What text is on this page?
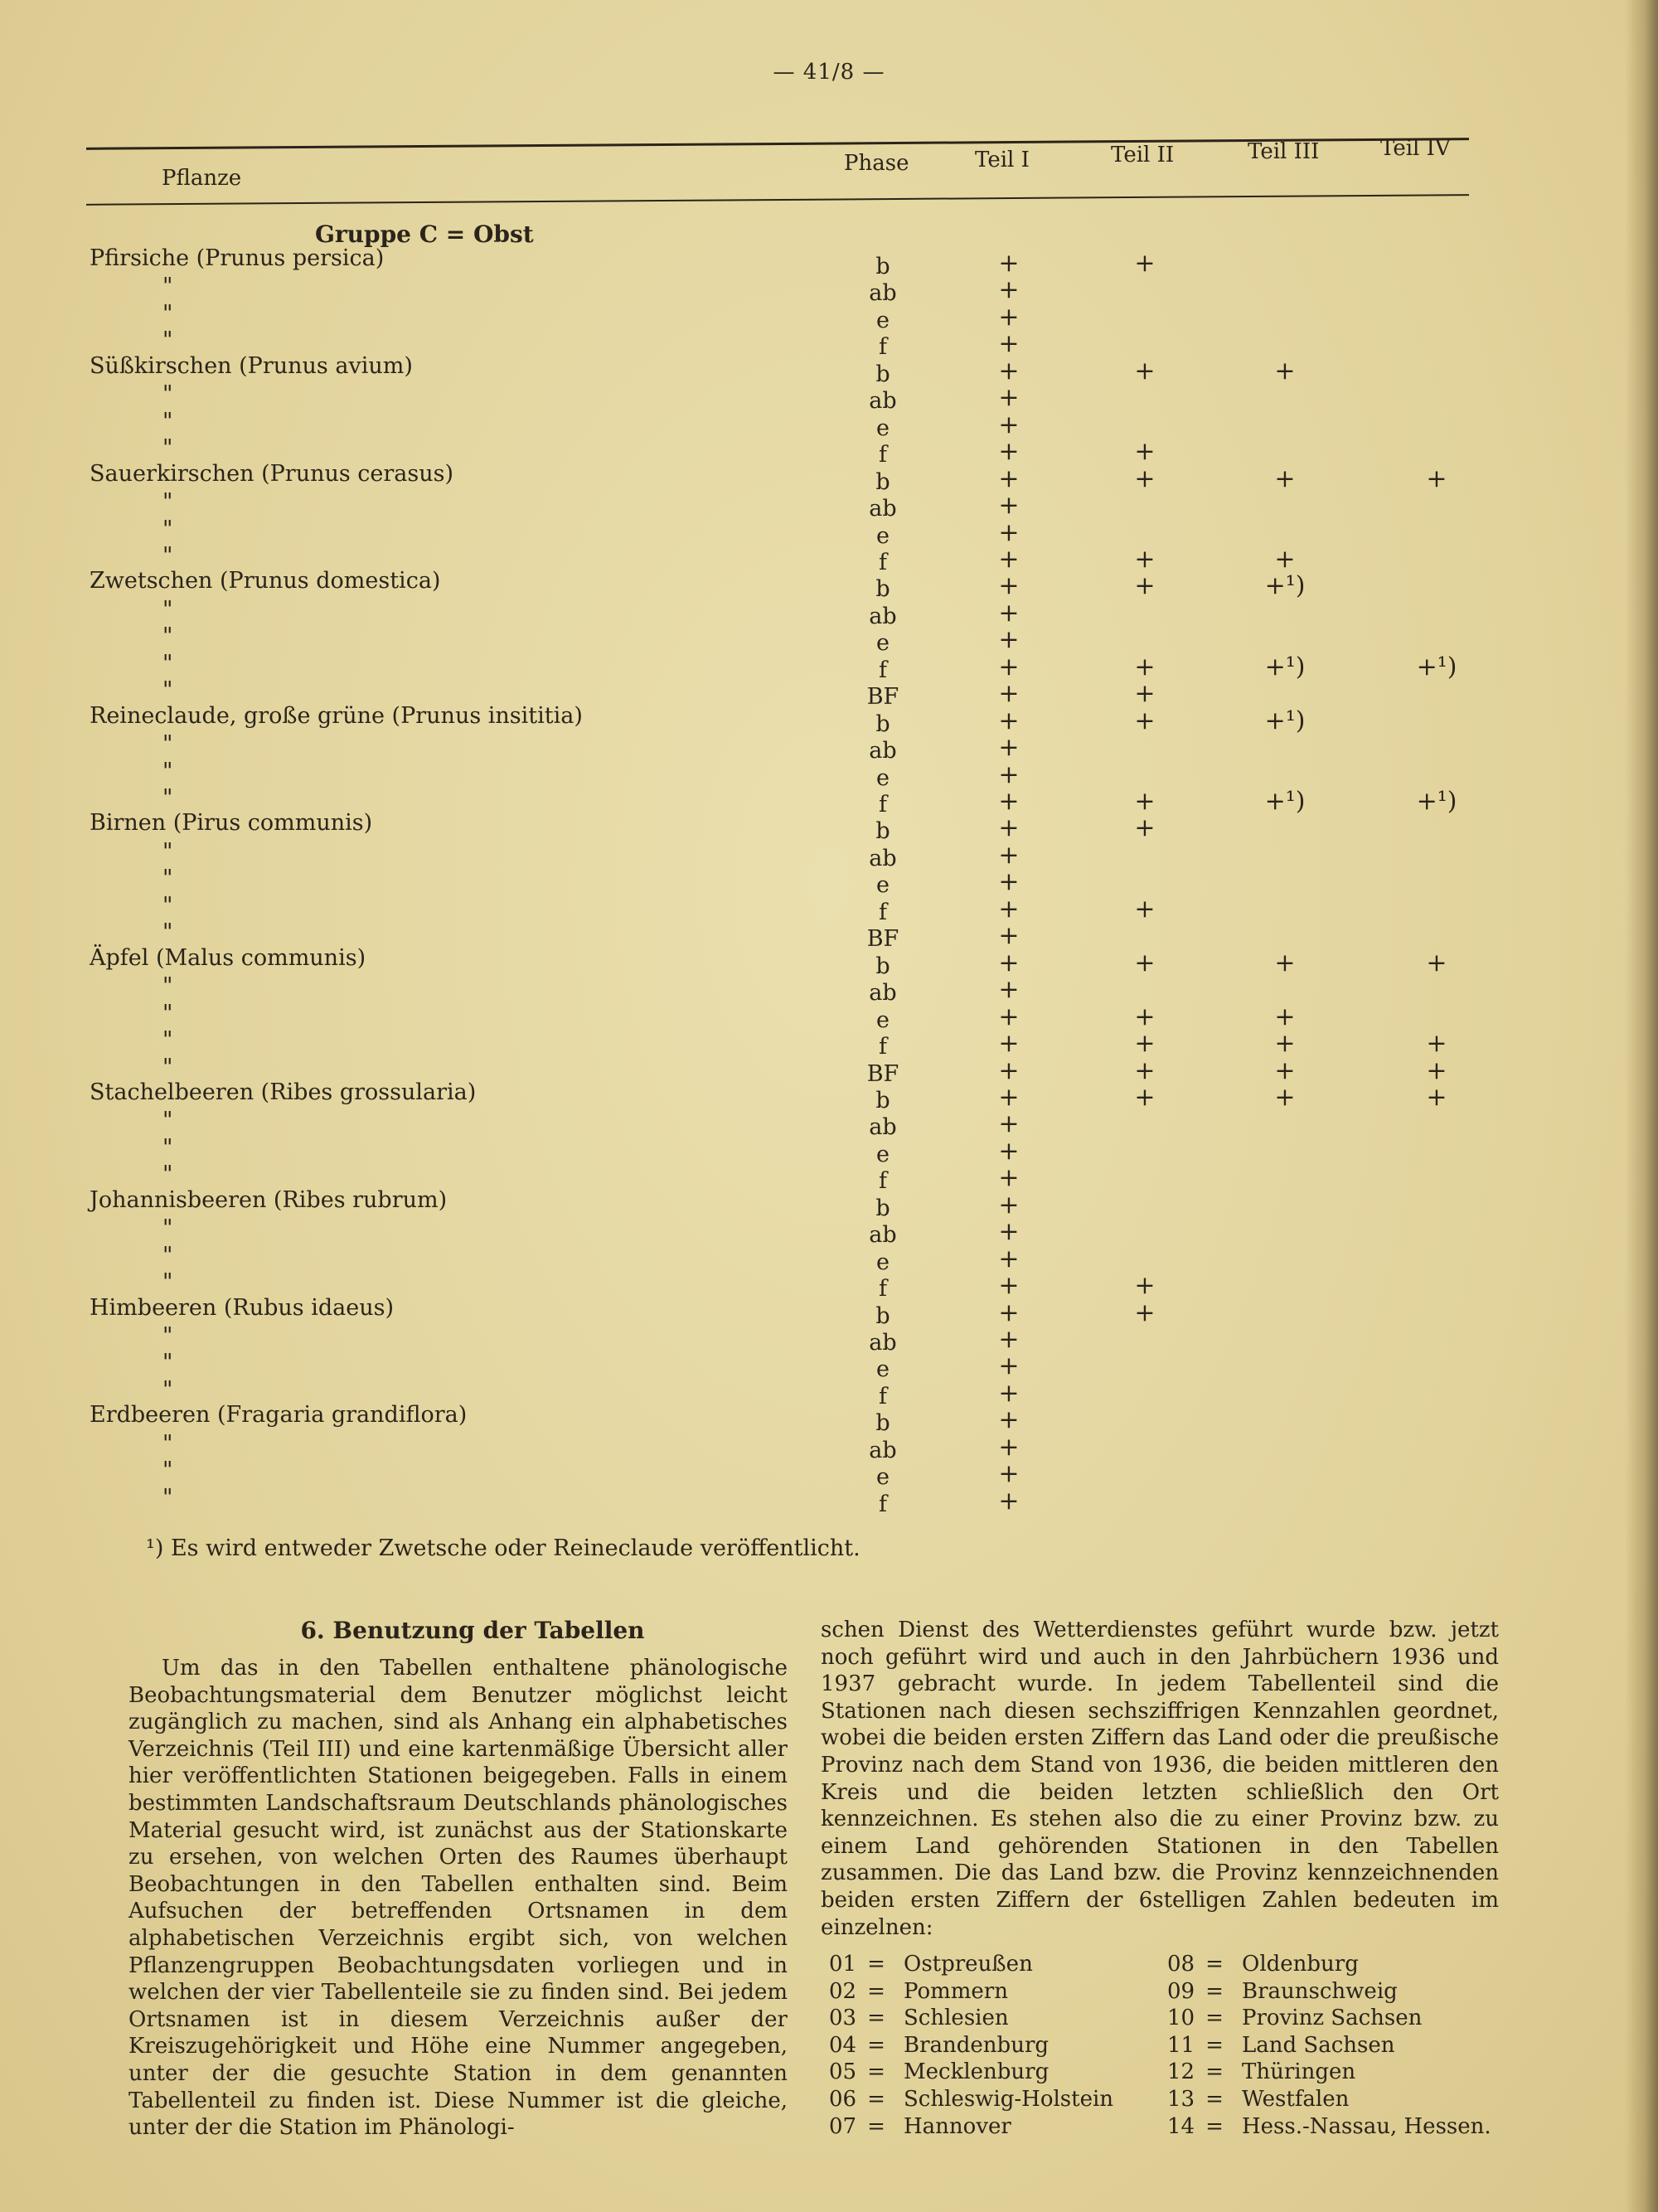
— 41/8 —
Pflanze
Phase	Teil I	Teil II	Teil III	Teil IV
Gruppe C = Obst
Pfirsiche (Prunus persica)	b	+	+
"	ab	+
"	e	+
"	f	+
Süßkirschen (Prunus avium)	b	+	+	+
"	ab	+
"	e	+
"	f	+	+
Sauerkirschen (Prunus cerasus)	b	+	+	+	+
"	ab	+
"	e	+
"	f	+	+	+
Zwetschen (Prunus domestica)	b	+	+	+¹)
"	ab	+
"	e	+
"	f	+	+	+¹)	+¹)
"	BF	+	+
Reineclaude, große grüne (Prunus insititia)	b	+	+	+¹)
"	ab	+
"	e	+
"	f	+	+	+¹)	+¹)
Birnen (Pirus communis)	b	+	+
"	ab	+
"	e	+
"	f	+	+
"	BF	+
Äpfel (Malus communis)	b	+	+	+	+
"	ab	+
"	e	+	+	+
"	f	+	+	+	+
"	BF	+	+	+	+
Stachelbeeren (Ribes grossularia)	b	+	+	+	+
"	ab	+
"	e	+
"	f	+
Johannisbeeren (Ribes rubrum)	b	+
"	ab	+
"	e	+
"	f	+	+
Himbeeren (Rubus idaeus)	b	+	+
"	ab	+
"	e	+
"	f	+
Erdbeeren (Fragaria grandiflora)	b	+
"	ab	+
"	e	+
"	f	+
¹) Es wird entweder Zwetsche oder Reineclaude veröffentlicht.
6. Benutzung der Tabellen

Um das in den Tabellen enthaltene phänologische Beobachtungsmaterial dem Benutzer möglichst leicht zugänglich zu machen, sind als Anhang ein alphabetisches Verzeichnis (Teil III) und eine kartenmäßige Übersicht aller hier veröffentlichten Stationen beigegeben. Falls in einem bestimmten Landschaftsraum Deutschlands phänologisches Material gesucht wird, ist zunächst aus der Stationskarte zu ersehen, von welchen Orten des Raumes überhaupt Beobachtungen in den Tabellen enthalten sind. Beim Aufsuchen der betreffenden Ortsnamen in dem alphabetischen Verzeichnis ergibt sich, von welchen Pflanzengruppen Beobachtungsdaten vorliegen und in welchen der vier Tabellenteile sie zu finden sind. Bei jedem Ortsnamen ist in diesem Verzeichnis außer der Kreiszugehörigkeit und Höhe eine Nummer angegeben, unter der die gesuchte Station in dem genannten Tabellenteil zu finden ist. Diese Nummer ist die gleiche, unter der die Station im Phänologi-

schen Dienst des Wetterdienstes geführt wurde bzw. jetzt noch geführt wird und auch in den Jahrbüchern 1936 und 1937 gebracht wurde. In jedem Tabellenteil sind die Stationen nach diesen sechsziffrigen Kennzahlen geordnet, wobei die beiden ersten Ziffern das Land oder die preußische Provinz nach dem Stand von 1936, die beiden mittleren den Kreis und die beiden letzten schließlich den Ort kennzeichnen. Es stehen also die zu einer Provinz bzw. zu einem Land gehörenden Stationen in den Tabellen zusammen. Die das Land bzw. die Provinz kennzeichnenden beiden ersten Ziffern der 6stelligen Zahlen bedeuten im einzelnen:

01 = Ostpreußen	08 = Oldenburg
02 = Pommern	09 = Braunschweig
03 = Schlesien	10 = Provinz Sachsen
04 = Brandenburg	11 = Land Sachsen
05 = Mecklenburg	12 = Thüringen
06 = Schleswig-Holstein 13 = Westfalen
07 = Hannover	14 = Hess.-Nassau, Hessen.
